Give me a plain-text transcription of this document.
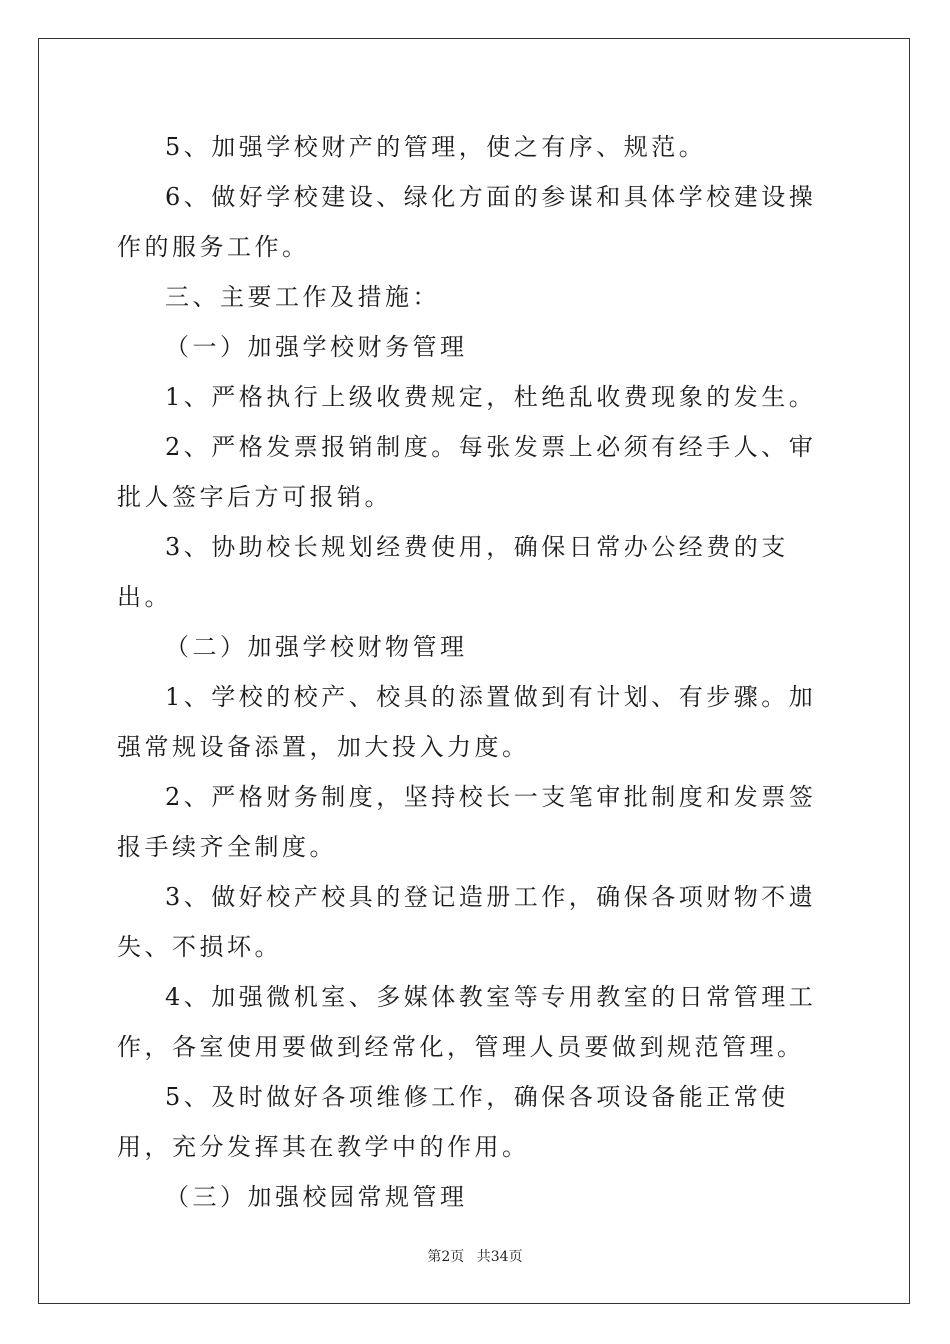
5、加强学校财产的管理，使之有序、规范。

6、做好学校建设、绿化方面的参谋和具体学校建设操作的服务工作。

三、主要工作及措施：

（一）加强学校财务管理

1、严格执行上级收费规定，杜绝乱收费现象的发生。

2、严格发票报销制度。每张发票上必须有经手人、审批人签字后方可报销。

3、协助校长规划经费使用，确保日常办公经费的支出。

（二）加强学校财物管理

1、学校的校产、校具的添置做到有计划、有步骤。加强常规设备添置，加大投入力度。

2、严格财务制度，坚持校长一支笔审批制度和发票签报手续齐全制度。

3、做好校产校具的登记造册工作，确保各项财物不遗失、不损坏。

4、加强微机室、多媒体教室等专用教室的日常管理工作，各室使用要做到经常化，管理人员要做到规范管理。

5、及时做好各项维修工作，确保各项设备能正常使用，充分发挥其在教学中的作用。

（三）加强校园常规管理

第2页 共34页
